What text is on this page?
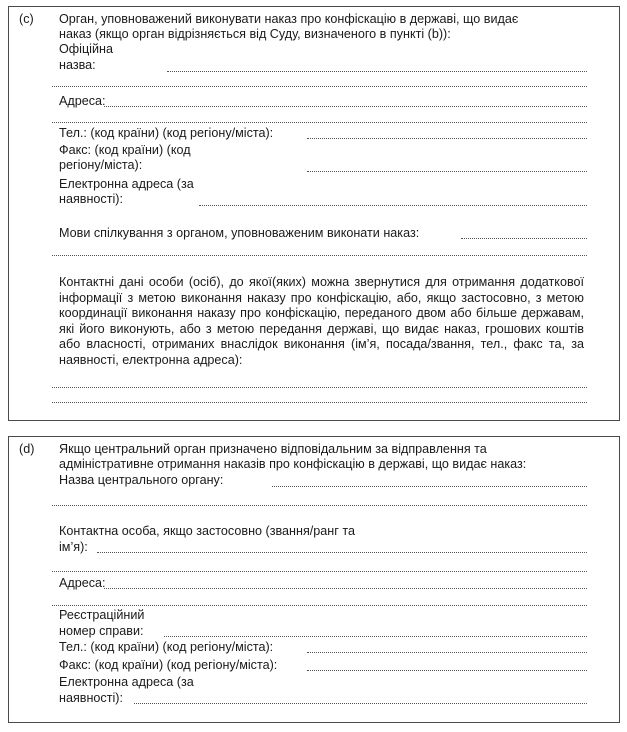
(c) Орган, уповноважений виконувати наказ про конфіскацію в державі, що видає
наказ (якщо орган відрізняється від Суду, визначеного в пункті (b)):
Офіційна
назва:
Адреса:
Тел.: (код країни) (код регіону/міста):
Факс: (код країни) (код
регіону/міста):
Електронна адреса (за
наявності):
Мови спілкування з органом, уповноваженим виконати наказ:
Контактні дані особи (осіб), до якої(яких) можна звернутися для отримання додаткової інформації з метою виконання наказу про конфіскацію, або, якщо застосовно, з метою координації виконання наказу про конфіскацію, переданого двом або більше державам, які його виконують, або з метою передання державі, що видає наказ, грошових коштів або власності, отриманих внаслідок виконання (ім’я, посада/звання, тел., факс та, за наявності, електронна адреса):
(d) Якщо центральний орган призначено відповідальним за відправлення та
адміністративне отримання наказів про конфіскацію в державі, що видає наказ:
Назва центрального органу:
Контактна особа, якщо застосовно (звання/ранг та
ім’я):
Адреса:
Реєстраційний
номер справи:
Тел.: (код країни) (код регіону/міста):
Факс: (код країни) (код регіону/міста):
Електронна адреса (за
наявності):
